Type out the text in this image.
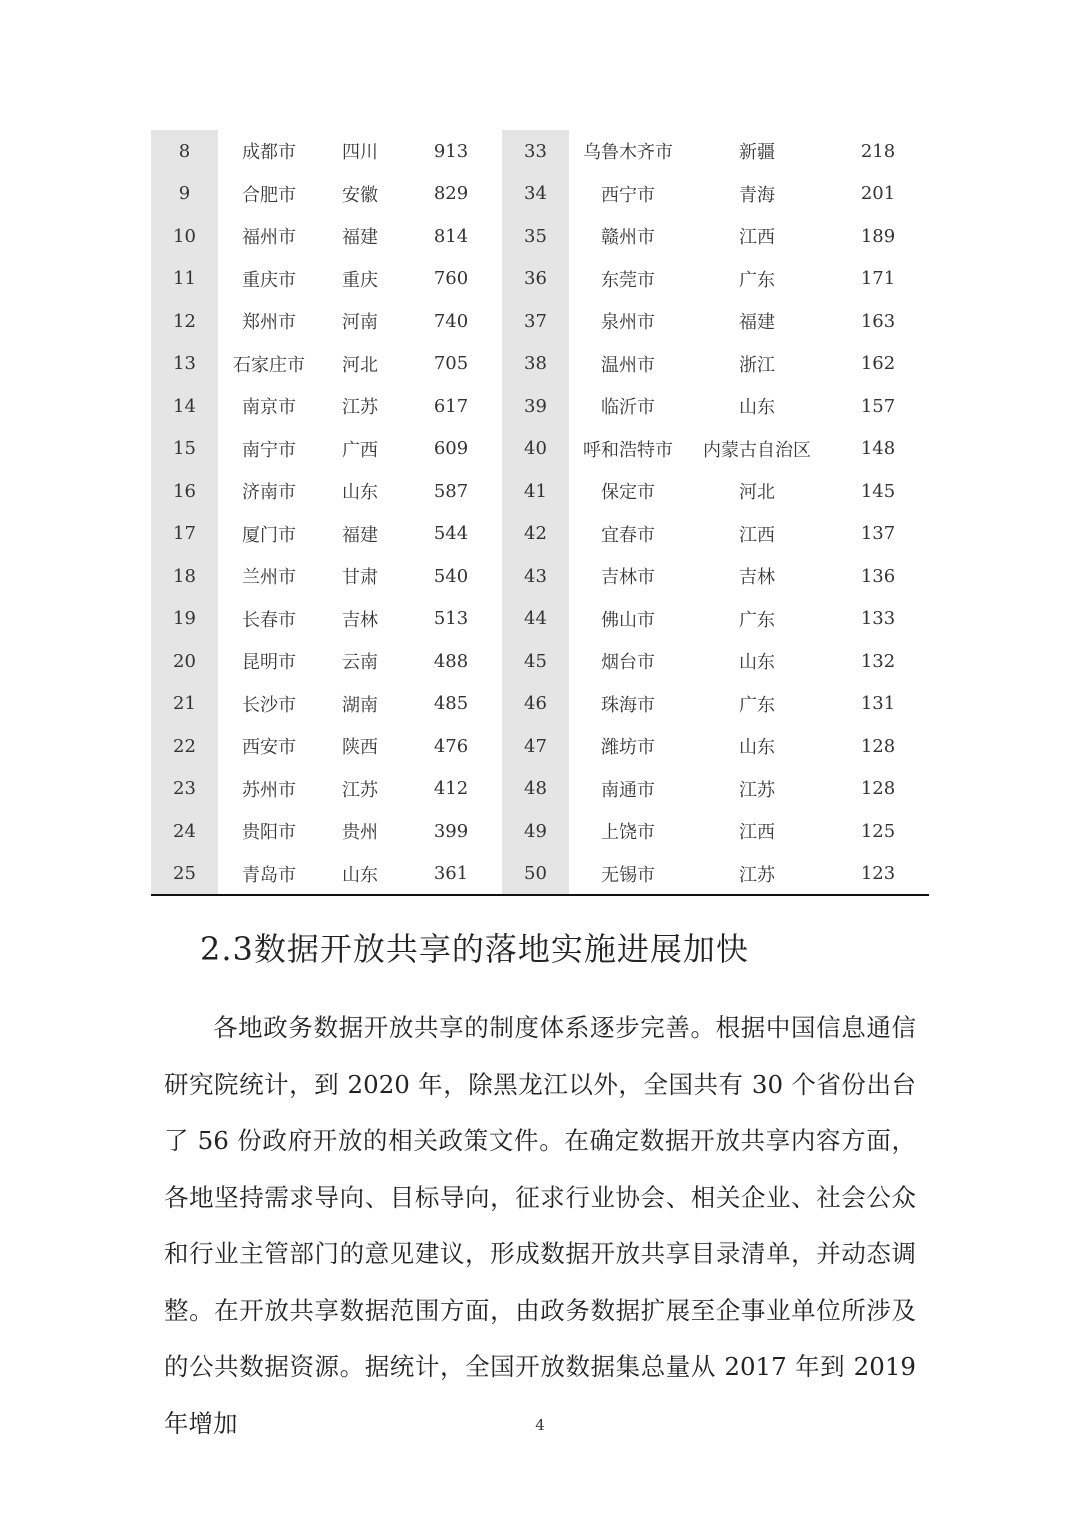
8	成都市	四川	913	33	乌鲁木齐市	新疆	218
9	合肥市	安徽	829	34	西宁市	青海	201
10	福州市	福建	814	35	赣州市	江西	189
11	重庆市	重庆	760	36	东莞市	广东	171
12	郑州市	河南	740	37	泉州市	福建	163
13	石家庄市	河北	705	38	温州市	浙江	162
14	南京市	江苏	617	39	临沂市	山东	157
15	南宁市	广西	609	40	呼和浩特市	内蒙古自治区	148
16	济南市	山东	587	41	保定市	河北	145
17	厦门市	福建	544	42	宜春市	江西	137
18	兰州市	甘肃	540	43	吉林市	吉林	136
19	长春市	吉林	513	44	佛山市	广东	133
20	昆明市	云南	488	45	烟台市	山东	132
21	长沙市	湖南	485	46	珠海市	广东	131
22	西安市	陕西	476	47	潍坊市	山东	128
23	苏州市	江苏	412	48	南通市	江苏	128
24	贵阳市	贵州	399	49	上饶市	江西	125
25	青岛市	山东	361	50	无锡市	江苏	123
2.3数据开放共享的落地实施进展加快

各地政务数据开放共享的制度体系逐步完善。根据中国信息通信研究院统计，到 2020 年，除黑龙江以外，全国共有 30 个省份出台了 56 份政府开放的相关政策文件。在确定数据开放共享内容方面，各地坚持需求导向、目标导向，征求行业协会、相关企业、社会公众和行业主管部门的意见建议，形成数据开放共享目录清单，并动态调整。在开放共享数据范围方面，由政务数据扩展至企事业单位所涉及的公共数据资源。据统计，全国开放数据集总量从 2017 年到 2019 年增加	4
